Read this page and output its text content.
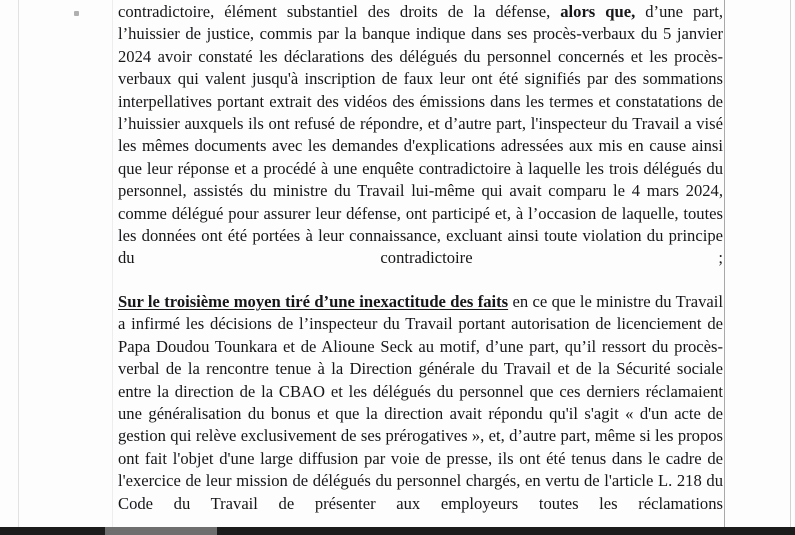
contradictoire, élément substantiel des droits de la défense, alors que, d’une part, l’huissier de justice, commis par la banque indique dans ses procès-verbaux du 5 janvier 2024 avoir constaté les déclarations des délégués du personnel concernés et les procès-verbaux qui valent jusqu'à inscription de faux leur ont été signifiés par des sommations interpellatives portant extrait des vidéos des émissions dans les termes et constatations de l’huissier auxquels ils ont refusé de répondre, et d’autre part, l'inspecteur du Travail a visé les mêmes documents avec les demandes d'explications adressées aux mis en cause ainsi que leur réponse et a procédé à une enquête contradictoire à laquelle les trois délégués du personnel, assistés du ministre du Travail lui-même qui avait comparu le 4 mars 2024, comme délégué pour assurer leur défense, ont participé et, à l’occasion de laquelle, toutes les données ont été portées à leur connaissance, excluant ainsi toute violation du principe du contradictoire ;

Sur le troisième moyen tiré d’une inexactitude des faits en ce que le ministre du Travail a infirmé les décisions de l’inspecteur du Travail portant autorisation de licenciement de Papa Doudou Tounkara et de Alioune Seck au motif, d’une part, qu’il ressort du procès-verbal de la rencontre tenue à la Direction générale du Travail et de la Sécurité sociale entre la direction de la CBAO et les délégués du personnel que ces derniers réclamaient une généralisation du bonus et que la direction avait répondu qu'il s'agit « d'un acte de gestion qui relève exclusivement de ses prérogatives », et, d’autre part, même si les propos ont fait l'objet d'une large diffusion par voie de presse, ils ont été tenus dans le cadre de l'exercice de leur mission de délégués du personnel chargés, en vertu de l'article L. 218 du Code du Travail de présenter aux employeurs toutes les réclamations
